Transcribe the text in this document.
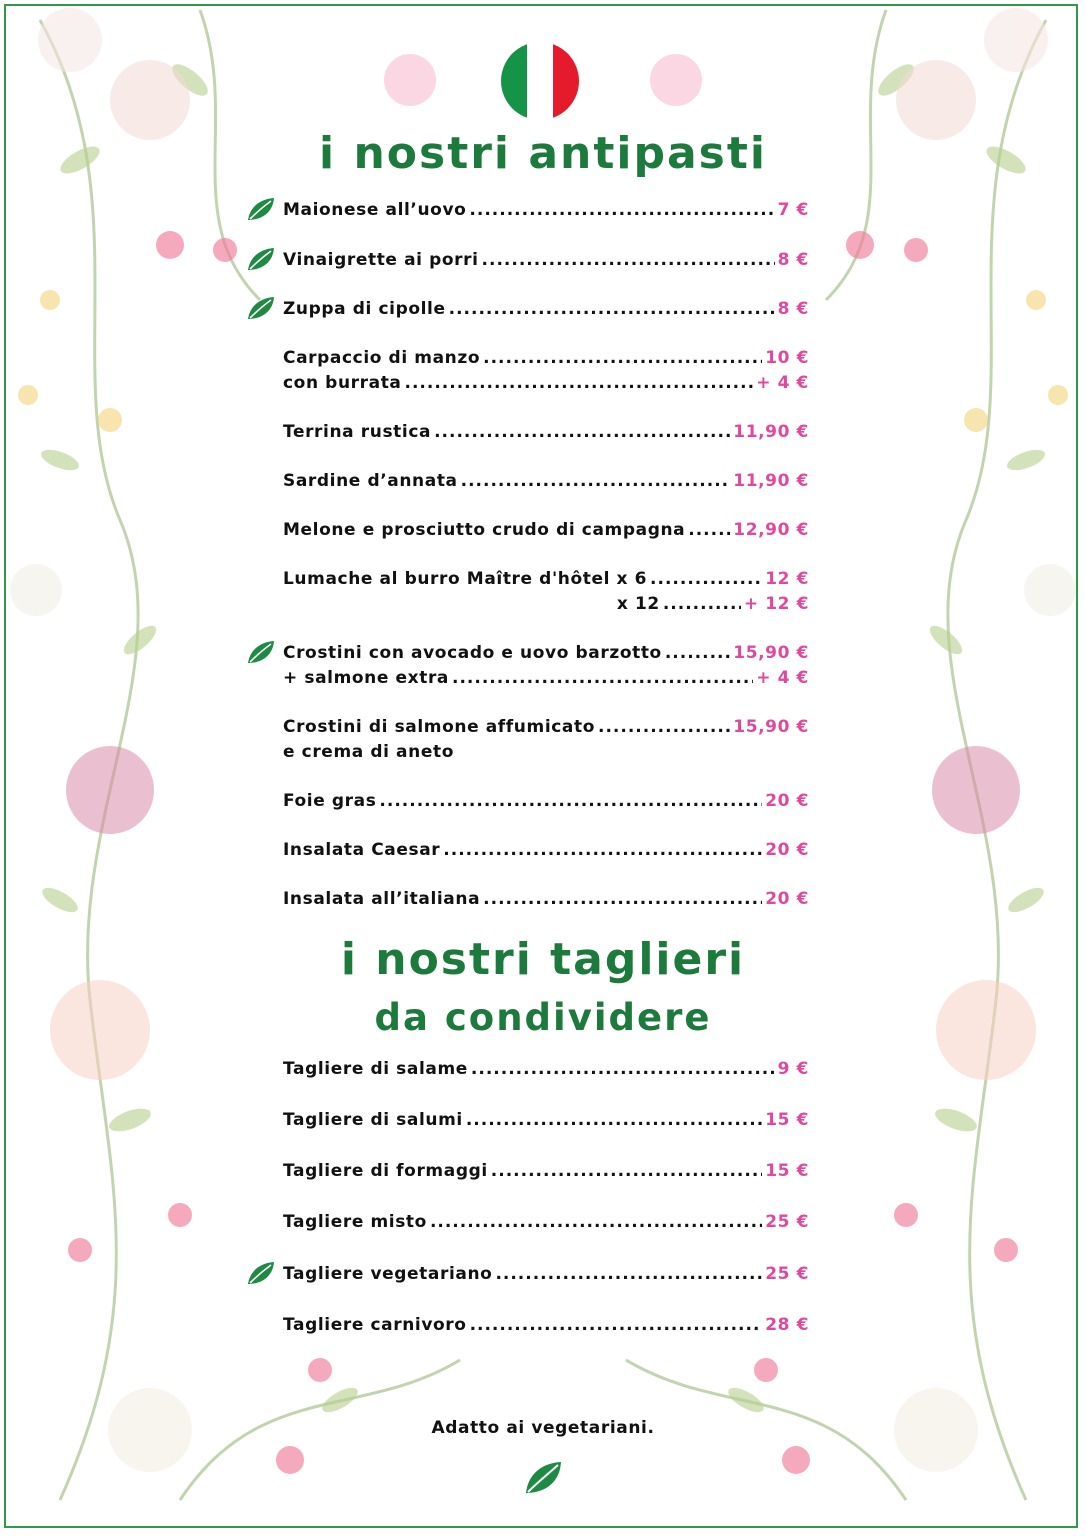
i nostri antipasti
Maionese all’uovo .....	7 €
Vinaigrette ai porri .....	8 €
Zuppa di cipolle .....	8 €
Carpaccio di manzo .....	10 €
con burrata .....	+ 4 €
Terrina rustica .....	11,90 €
Sardine d’annata .....	11,90 €
Melone e prosciutto crudo di campagna .....	12,90 €
Lumache al burro Maître d'hôtel x 6 .....	12 €
x 12 .....	+ 12 €
Crostini con avocado e uovo barzotto .....	15,90 €
+ salmone extra .....	+ 4 €
Crostini di salmone affumicato .....	15,90 €
e crema di aneto
Foie gras .....	20 €
Insalata Caesar .....	20 €
Insalata all’italiana .....	20 €
i nostri taglieri
da condividere
Tagliere di salame .....	9 €
Tagliere di salumi .....	15 €
Tagliere di formaggi .....	15 €
Tagliere misto .....	25 €
Tagliere vegetariano .....	25 €
Tagliere carnivoro .....	28 €
Adatto ai vegetariani.
